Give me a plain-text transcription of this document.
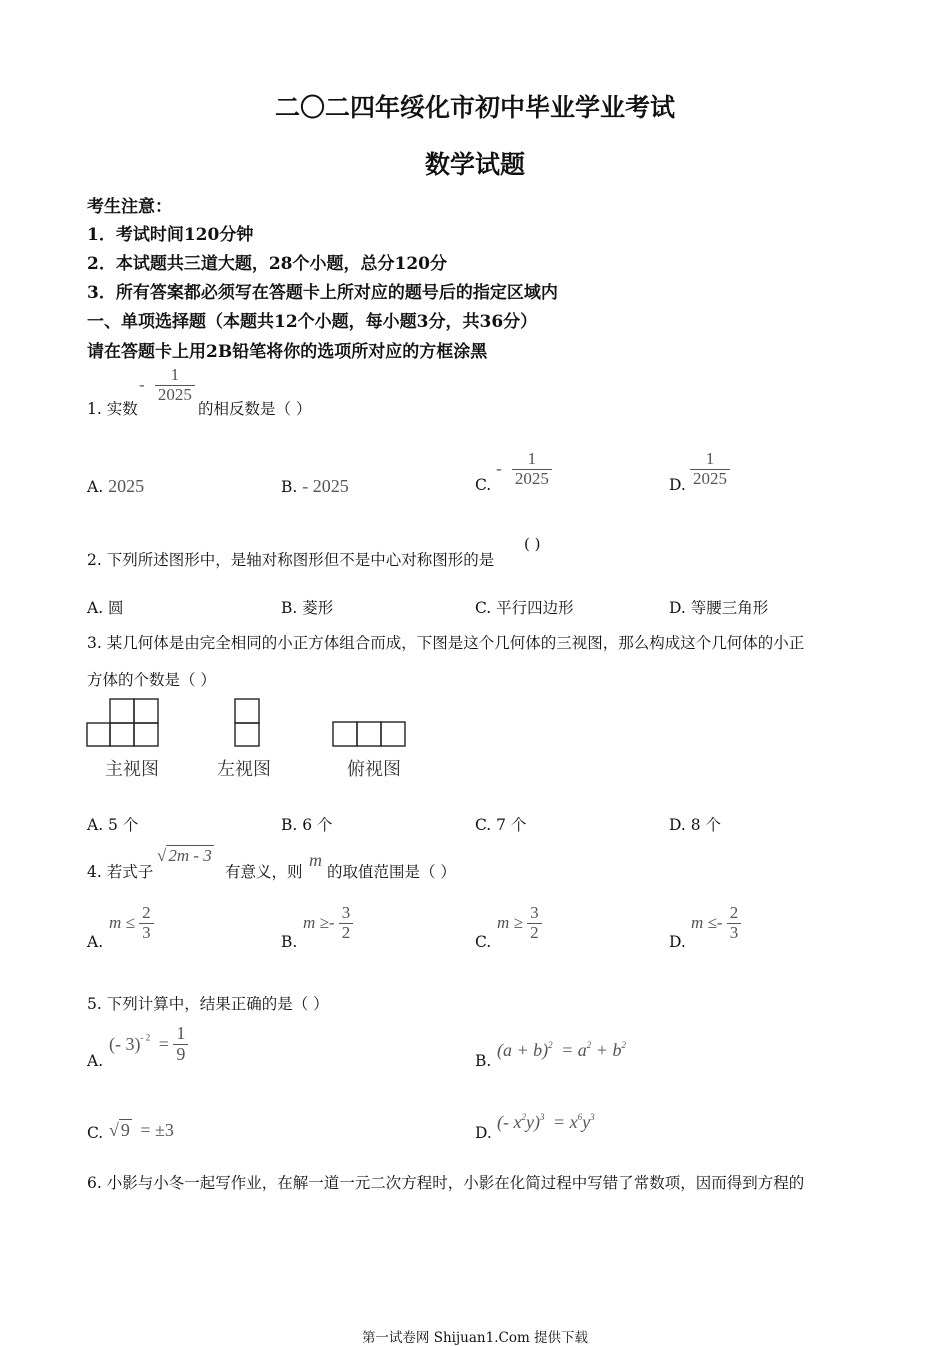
二〇二四年绥化市初中毕业学业考试
数学试题
考生注意：
1．考试时间120分钟
2．本试题共三道大题，28个小题，总分120分
3．所有答案都必须写在答题卡上所对应的题号后的指定区域内
一、单项选择题（本题共12个小题，每小题3分，共36分）
请在答题卡上用2B铅笔将你的选项所对应的方框涂黑
1. 实数
- $\frac{1}{2025}$
的相反数是（ ）
A. 2025	B. - 2025	C.
- $\frac{1}{2025}$	D. $\frac{1}{2025}$
2. 下列所述图形中，是轴对称图形但不是中心对称图形的是
( )
A. 圆	B. 菱形	C. 平行四边形	D. 等腰三角形
3. 某几何体是由完全相同的小正方体组合而成，下图是这个几何体的三视图，那么构成这个几何体的小正
方体的个数是（ ）
主视图	左视图	俯视图
A. 5 个	B. 6 个	C. 7 个	D. 8 个
4. 若式子
√ 2m - 3
有意义，则
m
的取值范围是（ ）
A.
$m \le \frac{2}{3}$	B.
$m \ge- \frac{3}{2}$	C.
$m \ge \frac{3}{2}$	D.
$m \le- \frac{2}{3}$
5. 下列计算中，结果正确的是（ ）
A.
(- $3)^{- 2} = \frac{1}{9}$	B.
$(a + b)^2 = a^2 + b^2$
C. √ 9 = ±3	D.
(- $x^2y)^3 = x^6y^3$
6. 小影与小冬一起写作业，在解一道一元二次方程时，小影在化简过程中写错了常数项，因而得到方程的
第一试卷网 Shijuan1.Com 提供下载
